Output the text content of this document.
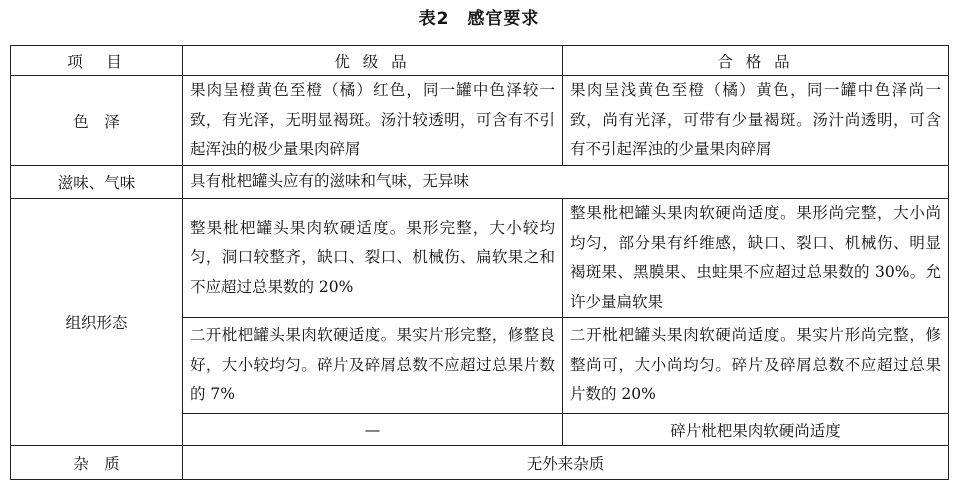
表2　感官要求
项　目	优 级 品	合 格 品
色　泽	果肉呈橙黄色至橙（橘）红色，同一罐中色泽较一致，有光泽，无明显褐斑。汤汁较透明，可含有不引起浑浊的极少量果肉碎屑	果肉呈浅黄色至橙（橘）黄色，同一罐中色泽尚一致，尚有光泽，可带有少量褐斑。汤汁尚透明，可含有不引起浑浊的少量果肉碎屑
滋味、气味	具有枇杷罐头应有的滋味和气味，无异味	
组织形态	整果枇杷罐头果肉软硬适度。果形完整，大小较均匀，洞口较整齐，缺口、裂口、机械伤、扁软果之和不应超过总果数的 20%	整果枇杷罐头果肉软硬尚适度。果形尚完整，大小尚均匀，部分果有纤维感，缺口、裂口、机械伤、明显褐斑果、黑膜果、虫蛀果不应超过总果数的 30%。允许少量扁软果
	二开枇杷罐头果肉软硬适度。果实片形完整，修整良好，大小较均匀。碎片及碎屑总数不应超过总果片数的 7%	二开枇杷罐头果肉软硬尚适度。果实片形尚完整，修整尚可，大小尚均匀。碎片及碎屑总数不应超过总果片数的 20%
	—	碎片枇杷果肉软硬尚适度
杂　质	无外来杂质	
